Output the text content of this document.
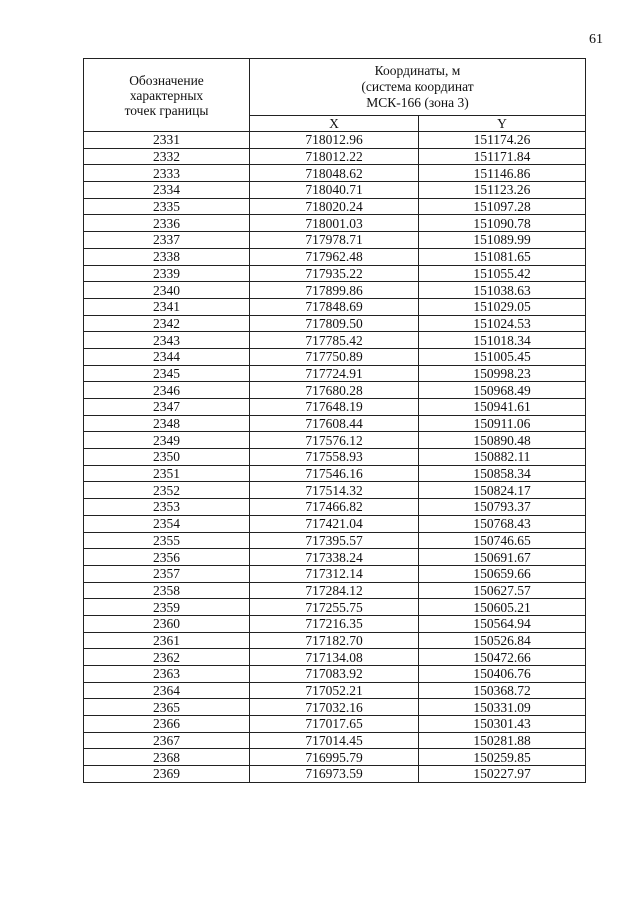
61
Обозначение
характерных
точек границы	Координаты, м
(система координат
МСК-166 (зона 3)	

	X	Y
2331	718012.96	151174.26
2332	718012.22	151171.84
2333	718048.62	151146.86
2334	718040.71	151123.26
2335	718020.24	151097.28
2336	718001.03	151090.78
2337	717978.71	151089.99
2338	717962.48	151081.65
2339	717935.22	151055.42
2340	717899.86	151038.63
2341	717848.69	151029.05
2342	717809.50	151024.53
2343	717785.42	151018.34
2344	717750.89	151005.45
2345	717724.91	150998.23
2346	717680.28	150968.49
2347	717648.19	150941.61
2348	717608.44	150911.06
2349	717576.12	150890.48
2350	717558.93	150882.11
2351	717546.16	150858.34
2352	717514.32	150824.17
2353	717466.82	150793.37
2354	717421.04	150768.43
2355	717395.57	150746.65
2356	717338.24	150691.67
2357	717312.14	150659.66
2358	717284.12	150627.57
2359	717255.75	150605.21
2360	717216.35	150564.94
2361	717182.70	150526.84
2362	717134.08	150472.66
2363	717083.92	150406.76
2364	717052.21	150368.72
2365	717032.16	150331.09
2366	717017.65	150301.43
2367	717014.45	150281.88
2368	716995.79	150259.85
2369	716973.59	150227.97
